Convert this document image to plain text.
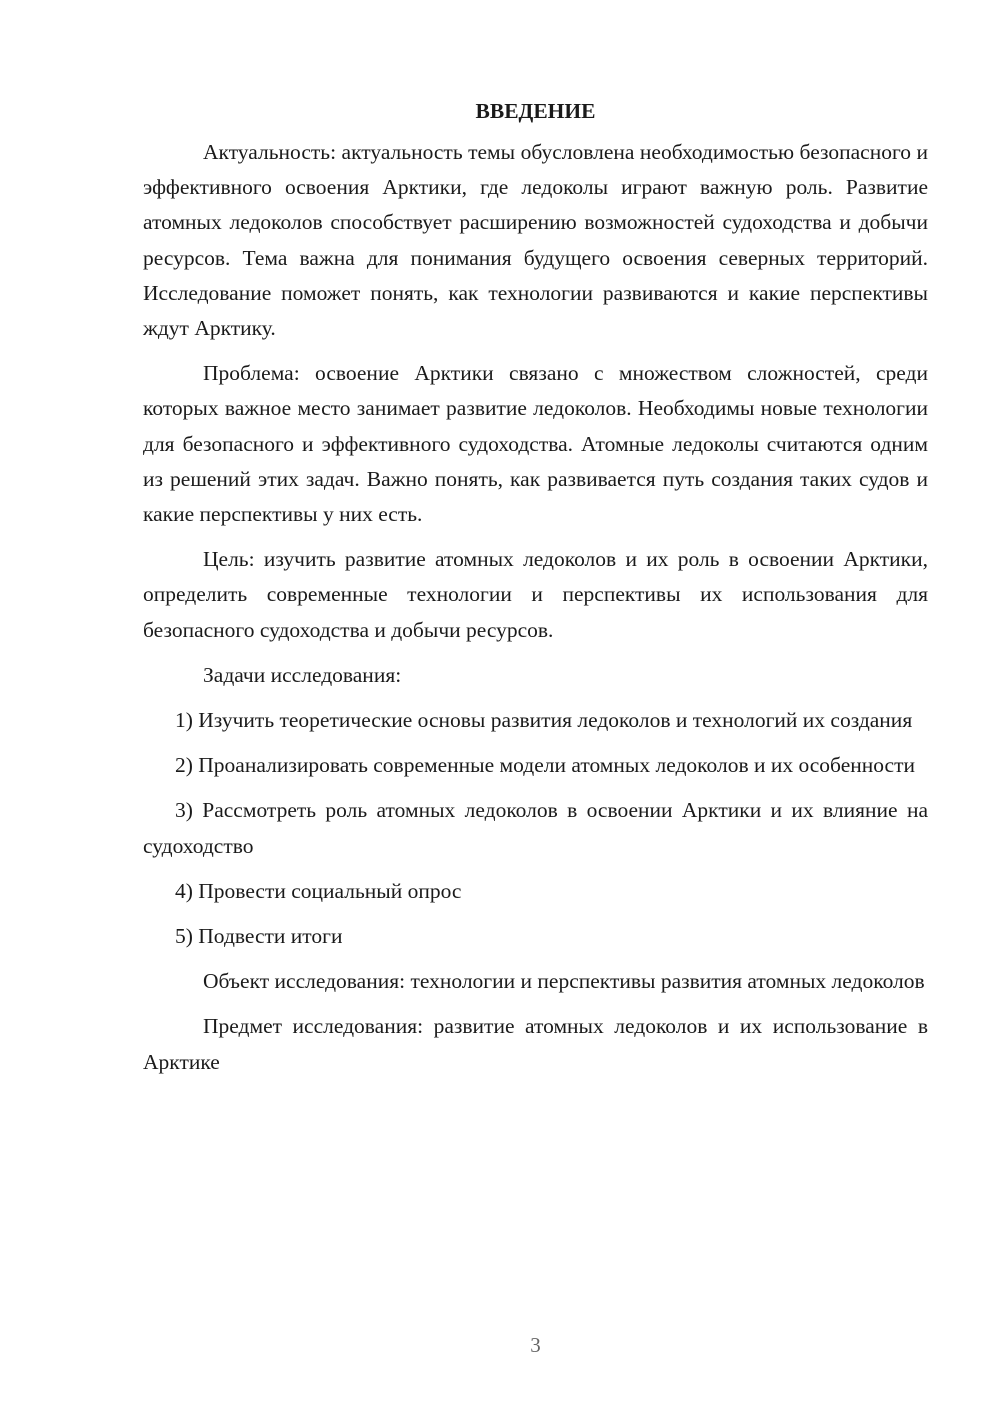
ВВЕДЕНИЕ

Актуальность: актуальность темы обусловлена необходимостью безопасного и эффективного освоения Арктики, где ледоколы играют важную роль. Развитие атомных ледоколов способствует расширению возможностей судоходства и добычи ресурсов. Тема важна для понимания будущего освоения северных территорий. Исследование поможет понять, как технологии развиваются и какие перспективы ждут Арктику.

Проблема: освоение Арктики связано с множеством сложностей, среди которых важное место занимает развитие ледоколов. Необходимы новые технологии для безопасного и эффективного судоходства. Атомные ледоколы считаются одним из решений этих задач. Важно понять, как развивается путь создания таких судов и какие перспективы у них есть.

Цель: изучить развитие атомных ледоколов и их роль в освоении Арктики, определить современные технологии и перспективы их использования для безопасного судоходства и добычи ресурсов.

Задачи исследования:

1) Изучить теоретические основы развития ледоколов и технологий их создания

2) Проанализировать современные модели атомных ледоколов и их особенности

3) Рассмотреть роль атомных ледоколов в освоении Арктики и их влияние на судоходство

4) Провести социальный опрос

5) Подвести итоги

Объект исследования: технологии и перспективы развития атомных ледоколов

Предмет исследования: развитие атомных ледоколов и их использование в Арктике

3
